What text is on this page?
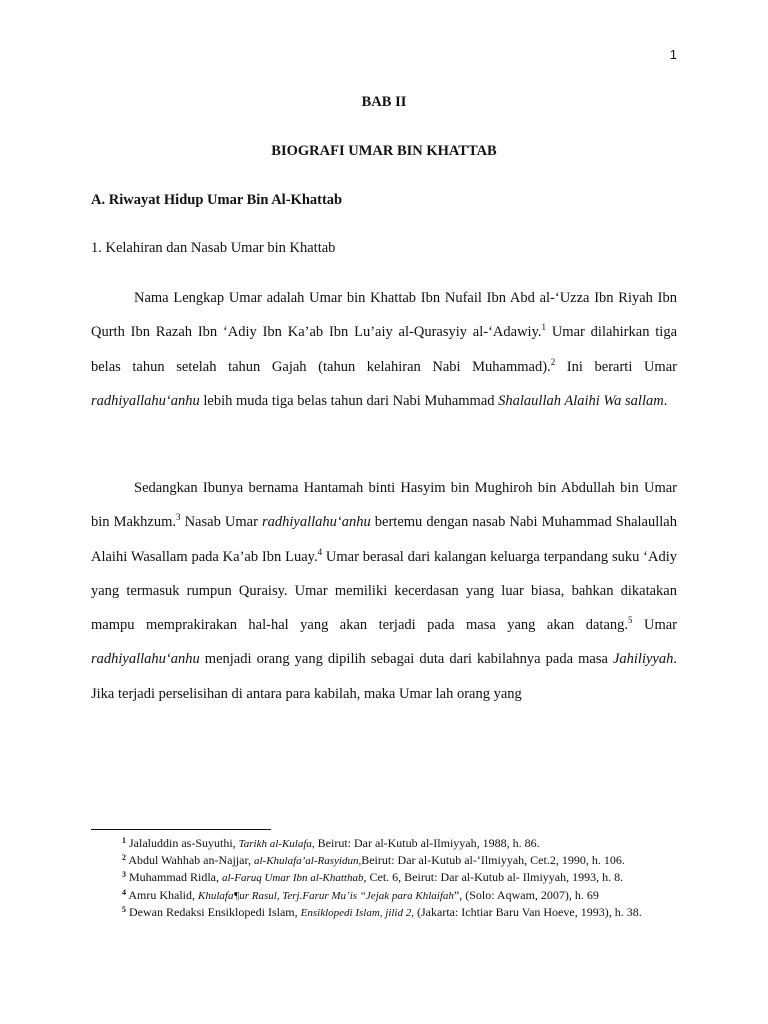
1
BAB II
BIOGRAFI UMAR BIN KHATTAB
A. Riwayat Hidup Umar Bin Al-Khattab
1. Kelahiran dan Nasab Umar bin Khattab

Nama Lengkap Umar adalah Umar bin Khattab Ibn Nufail Ibn Abd al-‘Uzza Ibn Riyah Ibn Qurth Ibn Razah Ibn ‘Adiy Ibn Ka’ab Ibn Lu’aiy al-Qurasyiy al-‘Adawiy.$^1$ Umar dilahirkan tiga belas tahun setelah tahun Gajah (tahun kelahiran Nabi Muhammad).$^2$ Ini berarti Umar radhiyallahu‘anhu lebih muda tiga belas tahun dari Nabi Muhammad Shalaullah Alaihi Wa sallam.

Sedangkan Ibunya bernama Hantamah binti Hasyim bin Mughiroh bin Abdullah bin Umar bin Makhzum.$^3$ Nasab Umar radhiyallahu‘anhu bertemu dengan nasab Nabi Muhammad Shalaullah Alaihi Wasallam pada Ka’ab Ibn Luay.$^4$ Umar berasal dari kalangan keluarga terpandang suku ‘Adiy yang termasuk rumpun Quraisy. Umar memiliki kecerdasan yang luar biasa, bahkan dikatakan mampu memprakirakan hal-hal yang akan terjadi pada masa yang akan datang.$^5$ Umar radhiyallahu‘anhu menjadi orang yang dipilih sebagai duta dari kabilahnya pada masa Jahiliyyah. Jika terjadi perselisihan di antara para kabilah, maka Umar lah orang yang

$^1$ Jalaluddin as-Suyuthi, Tarikh al-Kulafa, Beirut: Dar al-Kutub al-Ilmiyyah, 1988, h. 86.
$^2$ Abdul Wahhab an-Najjar, al-Khulafa’al-Rasyidun,Beirut: Dar al-Kutub al-‘Ilmiyyah, Cet.2, 1990, h. 106.
$^3$ Muhammad Ridla, al-Faruq Umar Ibn al-Khatthab, Cet. 6, Beirut: Dar al-Kutub al- Ilmiyyah, 1993, h. 8.
$^4$ Amru Khalid, Khulafa¶ur Rasul, Terj.Farur Mu’is “Jejak para Khlaifah”, (Solo: Aqwam, 2007), h. 69
$^5$ Dewan Redaksi Ensiklopedi Islam, Ensiklopedi Islam, jilid 2, (Jakarta: Ichtiar Baru Van Hoeve, 1993), h. 38.
